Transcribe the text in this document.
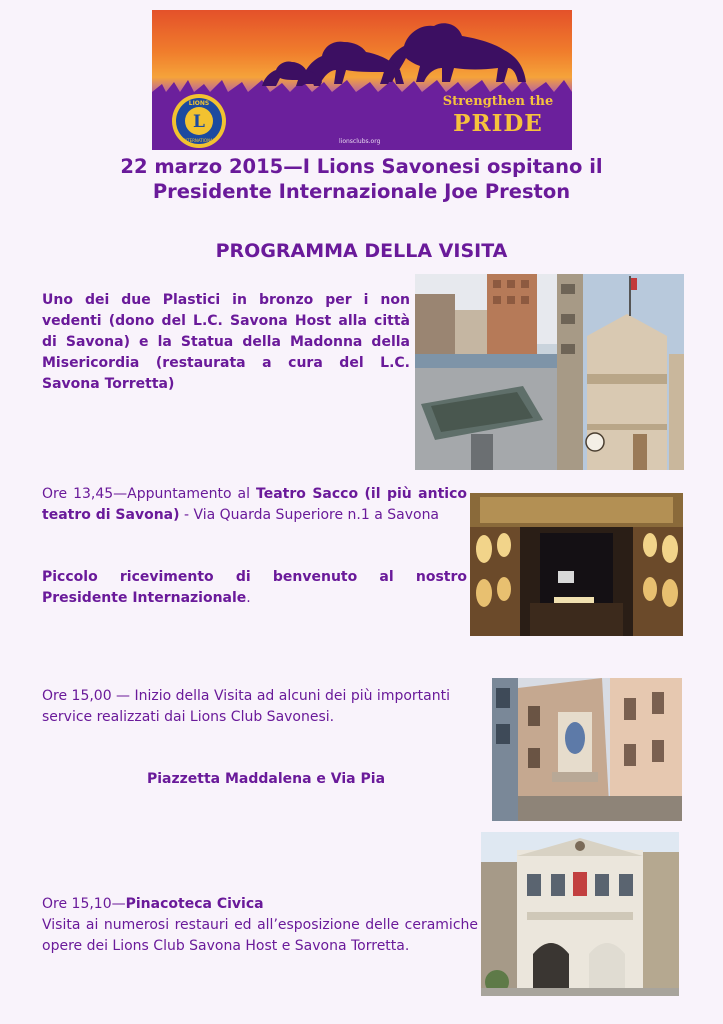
L
LIONS
INTERNATIONAL
Strengthen the
PRIDE
lionsclubs.org
22 marzo 2015—I Lions Savonesi ospitano il
Presidente Internazionale Joe Preston
PROGRAMMA DELLA VISITA
Uno dei due Plastici in bronzo per i non vedenti (dono del L.C. Savona Host alla città di Savona) e la Statua della Madonna della Misericordia (restaurata a cura del L.C. Savona Torretta)
Ore 13,45—Appuntamento al Teatro Sacco (il più antico teatro di Savona) - Via Quarda Superiore n.1 a Savona
Piccolo ricevimento di benvenuto al nostro Presidente Internazionale.
Ore 15,00 — Inizio della Visita ad alcuni dei più importanti service realizzati dai Lions Club Savonesi.
Piazzetta Maddalena e Via Pia
Ore 15,10—Pinacoteca Civica
Visita ai numerosi restauri ed all’esposizione delle ceramiche opere dei Lions Club Savona Host e Savona Torretta.
